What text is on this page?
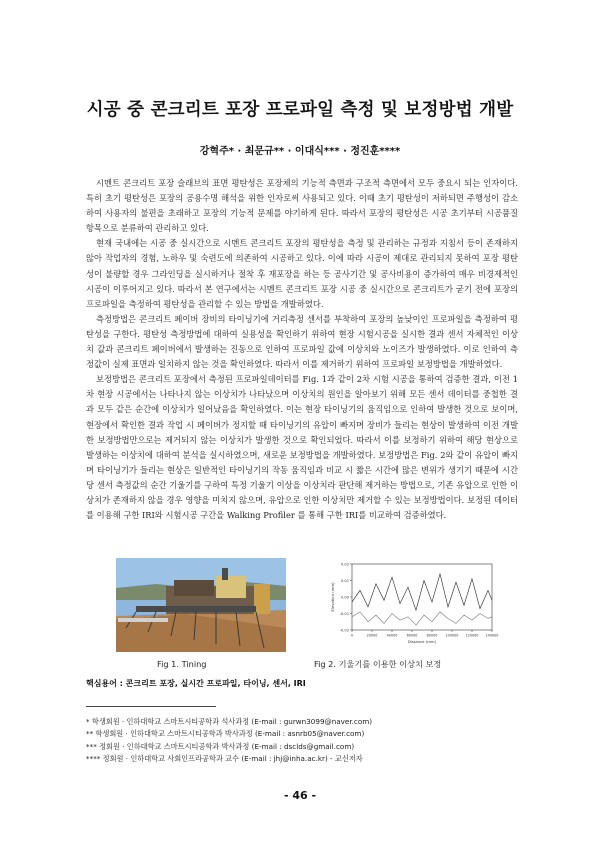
시공 중 콘크리트 포장 프로파일 측정 및 보정방법 개발
강혁주* · 최문규** · 이대식*** · 정진훈****

시멘트 콘크리트 포장 슬래브의 표면 평탄성은 포장체의 기능적 측면과 구조적 측면에서 모두 중요시 되는 인자이다. 특히 초기 평탄성은 포장의 공용수명 해석을 위한 인자로써 사용되고 있다. 이때 초기 평탄성이 저하되면 주행성이 감소하여 사용자의 불편을 초래하고 포장의 기능적 문제를 야기하게 된다. 따라서 포장의 평탄성은 시공 초기부터 시공품질 항목으로 분류하여 관리하고 있다.

현재 국내에는 시공 중 실시간으로 시멘트 콘크리트 포장의 평탄성을 측정 및 관리하는 규정과 지침서 등이 존재하지 않아 작업자의 경험, 노하우 및 숙련도에 의존하여 시공하고 있다. 이에 따라 시공이 제대로 관리되지 못하여 포장 평탄성이 불량할 경우 그라인딩을 실시하거나 절착 후 재포장을 하는 등 공사기간 및 공사비용이 증가하여 매우 비경제적인 시공이 이루어지고 있다. 따라서 본 연구에서는 시멘트 콘크리트 포장 시공 중 실시간으로 콘크리트가 굳기 전에 포장의 프로파일을 측정하여 평탄성을 관리할 수 있는 방법을 개발하였다.

측정방법은 콘크리트 페이버 장비의 타이닝기에 거리측정 센서를 부착하여 포장의 높낮이인 프로파일을 측정하여 평탄성을 구한다. 평탄성 측정방법에 대하여 실용성을 확인하기 위하여 현장 시험시공을 실시한 결과 센서 자체적인 이상치 값과 콘크리트 페이버에서 발생하는 진동으로 인하여 프로파일 값에 이상치와 노이즈가 발생하였다. 이로 인하여 측정값이 실제 표면과 일치하지 않는 것을 확인하였다. 따라서 이를 제거하기 위하여 프로파일 보정방법을 개발하였다.

보정방법은 콘크리트 포장에서 측정된 프로파일데이터를 Fig. 1과 같이 2차 시험 시공을 통하여 검증한 결과, 이전 1차 현장 시공에서는 나타나지 않는 이상치가 나타났으며 이상치의 원인을 알아보기 위해 모든 센서 데이터를 중첩한 결과 모두 같은 순간에 이상치가 일어났음을 확인하였다. 이는 현장 타이닝기의 움직임으로 인하여 발생한 것으로 보이며, 현장에서 확인한 결과 작업 시 페이버가 정지할 때 타이닝기의 유압이 빠지며 장비가 들리는 현상이 발생하여 이전 개발한 보정방법만으로는 제거되지 않는 이상치가 발생한 것으로 확인되었다. 따라서 이를 보정하기 위하여 해당 현상으로 발생하는 이상치에 대하여 분석을 실시하였으며, 새로운 보정방법을 개발하였다. 보정방법은 Fig. 2와 같이 유압이 빠지며 타이닝기가 들리는 현상은 일반적인 타이닝기의 작동 움직임과 비교 시 짧은 시간에 많은 변위가 생기기 때문에 시간당 센서 측정값의 순간 기울기를 구하여 특정 기울기 이상을 이상치라 판단해 제거하는 방법으로, 기존 유압으로 인한 이상치가 존재하지 않을 경우 영향을 미치지 않으며, 유압으로 인한 이상치만 제거할 수 있는 보정방법이다. 보정된 데이터를 이용해 구한 IRI와 시험시공 구간을 Walking Profiler 를 통해 구한 IRI를 비교하여 검증하였다.

0.02
0.01
0.00
-0.01
-0.02
0	20000	40000	60000	80000 100000 120000 140000
Distance (mm)
Elevation (mm)
Fig 1. Tining	Fig 2. 기울기를 이용한 이상치 보정
핵심용어 : 콘크리트 포장, 실시간 프로파일, 타이닝, 센서, IRI
* 학생회원 · 인하대학교 스마트시티공학과 석사과정 (E-mail : gurwn3099@naver.com)
** 학생회원 · 인하대학교 스마트시티공학과 박사과정 (E-mail : asnrb05@naver.com)
*** 정회원 · 인하대학교 스마트시티공학과 박사과정 (E-mail : dsclds@gmail.com)
**** 정회원 · 인하대학교 사회인프라공학과 교수 (E-mail : jhj@inha.ac.kr) - 교신저자
- 46 -
